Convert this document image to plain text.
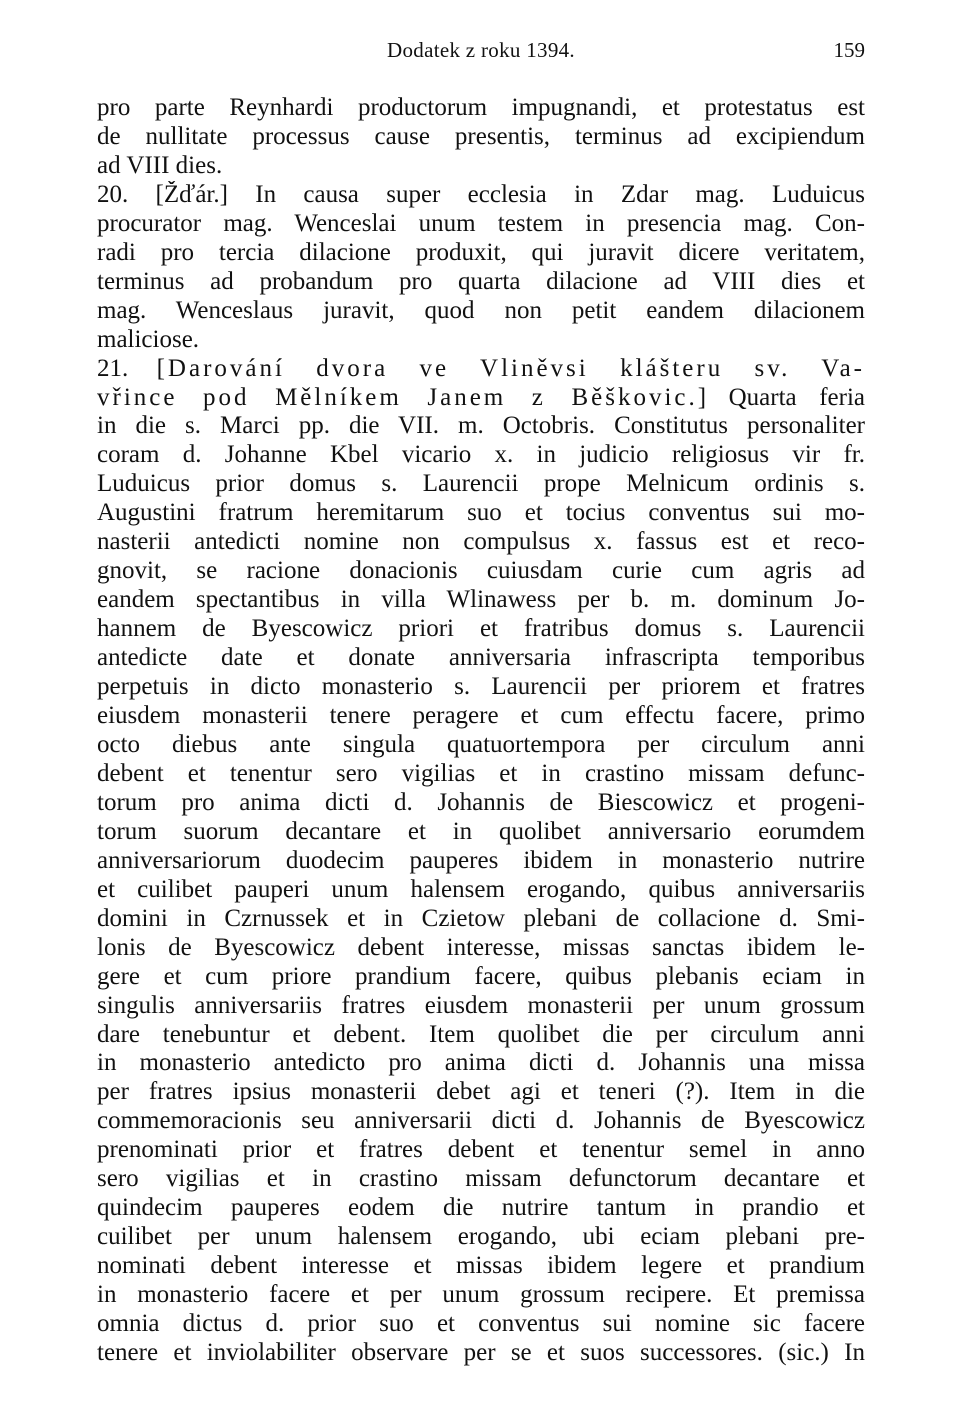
Dodatek z roku 1394.	159
pro parte Reynhardi productorum impugnandi, et protestatus est
de nullitate processus cause presentis, terminus ad excipiendum
ad VIII dies.
20. [Žďár.] In causa super ecclesia in Zdar mag. Luduicus
procurator mag. Wenceslai unum testem in presencia mag. Con-
radi pro tercia dilacione produxit, qui juravit dicere veritatem,
terminus ad probandum pro quarta dilacione ad VIII dies et
mag. Wenceslaus juravit, quod non petit eandem dilacionem
maliciose.
21. [Darování dvora ve Vliněvsi klášteru sv. Va-
vřince pod Mělníkem Janem z Běškovic.] Quarta feria
in die s. Marci pp. die VII. m. Octobris. Constitutus personaliter
coram d. Johanne Kbel vicario x. in judicio religiosus vir fr.
Luduicus prior domus s. Laurencii prope Melnicum ordinis s.
Augustini fratrum heremitarum suo et tocius conventus sui mo-
nasterii antedicti nomine non compulsus x. fassus est et reco-
gnovit, se racione donacionis cuiusdam curie cum agris ad
eandem spectantibus in villa Wlinawess per b. m. dominum Jo-
hannem de Byescowicz priori et fratribus domus s. Laurencii
antedicte date et donate anniversaria infrascripta temporibus
perpetuis in dicto monasterio s. Laurencii per priorem et fratres
eiusdem monasterii tenere peragere et cum effectu facere, primo
octo diebus ante singula quatuortempora per circulum anni
debent et tenentur sero vigilias et in crastino missam defunc-
torum pro anima dicti d. Johannis de Biescowicz et progeni-
torum suorum decantare et in quolibet anniversario eorumdem
anniversariorum duodecim pauperes ibidem in monasterio nutrire
et cuilibet pauperi unum halensem erogando, quibus anniversariis
domini in Czrnussek et in Czietow plebani de collacione d. Smi-
lonis de Byescowicz debent interesse, missas sanctas ibidem le-
gere et cum priore prandium facere, quibus plebanis eciam in
singulis anniversariis fratres eiusdem monasterii per unum grossum
dare tenebuntur et debent. Item quolibet die per circulum anni
in monasterio antedicto pro anima dicti d. Johannis una missa
per fratres ipsius monasterii debet agi et teneri (?). Item in die
commemoracionis seu anniversarii dicti d. Johannis de Byescowicz
prenominati prior et fratres debent et tenentur semel in anno
sero vigilias et in crastino missam defunctorum decantare et
quindecim pauperes eodem die nutrire tantum in prandio et
cuilibet per unum halensem erogando, ubi eciam plebani pre-
nominati debent interesse et missas ibidem legere et prandium
in monasterio facere et per unum grossum recipere. Et premissa
omnia dictus d. prior suo et conventus sui nomine sic facere
tenere et inviolabiliter observare per se et suos successores. (sic.) In
